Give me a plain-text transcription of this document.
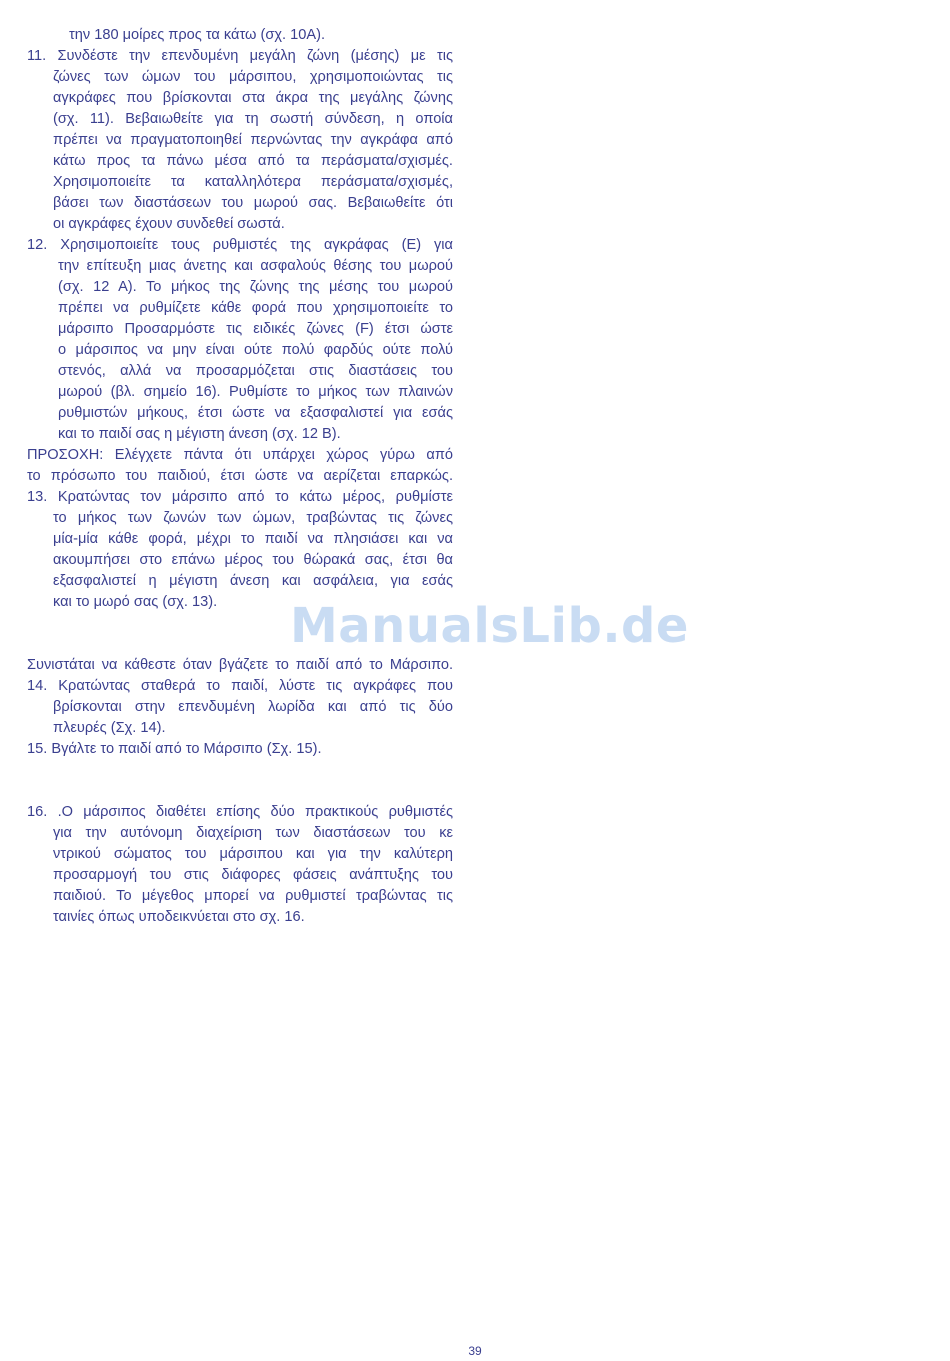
την 180 μοίρες προς τα κάτω (σχ. 10Α).
11. Συνδέστε την επενδυμένη μεγάλη ζώνη (μέσης) με τις
ζώνες των ώμων του μάρσιπου, χρησιμοποιώντας τις
αγκράφες που βρίσκονται στα άκρα της μεγάλης ζώνης
(σχ. 11). Βεβαιωθείτε για τη σωστή σύνδεση, η οποία
πρέπει να πραγματοποιηθεί περνώντας την αγκράφα από
κάτω προς τα πάνω μέσα από τα περάσματα/σχισμές.
Χρησιμοποιείτε τα καταλληλότερα περάσματα/σχισμές,
βάσει των διαστάσεων του μωρού σας. Βεβαιωθείτε ότι
οι αγκράφες έχουν συνδεθεί σωστά.
12. Χρησιμοποιείτε τους ρυθμιστές της αγκράφας (E) για
την επίτευξη μιας άνετης και ασφαλούς θέσης του μωρού
(σχ. 12 Α). Το μήκος της ζώνης της μέσης του μωρού
πρέπει να ρυθμίζετε κάθε φορά που χρησιμοποιείτε το
μάρσιπο Προσαρμόστε τις ειδικές ζώνες (F) έτσι ώστε
ο μάρσιπος να μην είναι ούτε πολύ φαρδύς ούτε πολύ
στενός, αλλά να προσαρμόζεται στις διαστάσεις του
μωρού (βλ. σημείο 16). Ρυθμίστε το μήκος των πλαινών
ρυθμιστών μήκους, έτσι ώστε να εξασφαλιστεί για εσάς
και το παιδί σας η μέγιστη άνεση (σχ. 12 B).
ΠΡΟΣΟΧΗ: Ελέγχετε πάντα ότι υπάρχει χώρος γύρω από
το πρόσωπο του παιδιού, έτσι ώστε να αερίζεται επαρκώς.
13. Κρατώντας τον μάρσιπο από το κάτω μέρος, ρυθμίστε
το μήκος των ζωνών των ώμων, τραβώντας τις ζώνες
μία-μία κάθε φορά, μέχρι το παιδί να πλησιάσει και να
ακουμπήσει στο επάνω μέρος του θώρακά σας, έτσι θα
εξασφαλιστεί η μέγιστη άνεση και ασφάλεια, για εσάς
και το μωρό σας (σχ. 13).
Συνιστάται να κάθεστε όταν βγάζετε το παιδί από το Μάρσιπο.
14. Κρατώντας σταθερά το παιδί, λύστε τις αγκράφες που
βρίσκονται στην επενδυμένη λωρίδα και από τις δύο
πλευρές (Σχ. 14).
15. Βγάλτε το παιδί από το Μάρσιπο (Σχ. 15).
16. .Ο μάρσιπος διαθέτει επίσης δύο πρακτικούς ρυθμιστές
για την αυτόνομη διαχείριση των διαστάσεων του κε
ντρικού σώματος του μάρσιπου και για την καλύτερη
προσαρμογή του στις διάφορες φάσεις ανάπτυξης του
παιδιού. Το μέγεθος μπορεί να ρυθμιστεί τραβώντας τις
ταινίες όπως υποδεικνύεται στο σχ. 16.
ManualsLib.de
39
